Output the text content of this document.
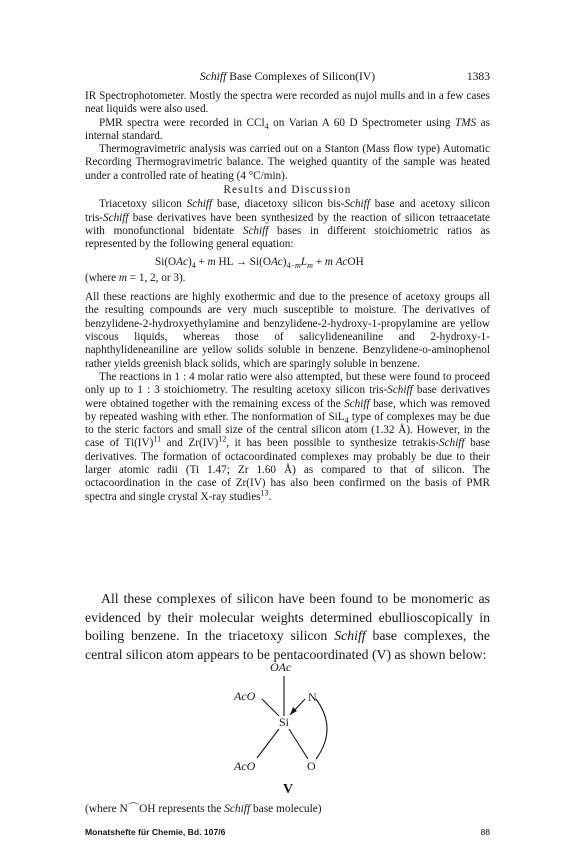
Schiff Base Complexes of Silicon(IV)	1383

IR Spectrophotometer. Mostly the spectra were recorded as nujol mulls and in a few cases neat liquids were also used.

PMR spectra were recorded in CCl$_4$ on Varian A 60 D Spectrometer using TMS as internal standard.

Thermogravimetric analysis was carried out on a Stanton (Mass flow type) Automatic Recording Thermogravimetric balance. The weighed quantity of the sample was heated under a controlled rate of heating (4 °C/min).

Results and Discussion

Triacetoxy silicon Schiff base, diacetoxy silicon bis-Schiff base and acetoxy silicon tris-Schiff base derivatives have been synthesized by the reaction of silicon tetraacetate with monofunctional bidentate Schiff bases in different stoichiometric ratios as represented by the following general equation:

$Si(OAc)_4 + m$ HL → $Si(OAc)_{4-m}L_m + m$ AcOH
(where m = 1, 2, or 3).

All these reactions are highly exothermic and due to the presence of acetoxy groups all the resulting compounds are very much susceptible to moisture. The derivatives of benzylidene-2-hydroxyethylamine and benzylidene-2-hydroxy-1-propylamine are yellow viscous liquids, whereas those of salicylideneaniline and 2-hydroxy-1-naphthylideneaniline are yellow solids soluble in benzene. Benzylidene-o-aminophenol rather yields greenish black solids, which are sparingly soluble in benzene.

The reactions in 1 : 4 molar ratio were also attempted, but these were found to proceed only up to 1 : 3 stoichiometry. The resulting acetoxy silicon tris-Schiff base derivatives were obtained together with the remaining excess of the Schiff base, which was removed by repeated washing with ether. The nonformation of SiL$_4$ type of complexes may be due to the steric factors and small size of the central silicon atom (1.32 Å). However, in the case of Ti(IV)$^{11}$ and Zr(IV)$^{12}$, it has been possible to synthesize tetrakis-Schiff base derivatives. The formation of octacoordinated complexes may probably be due to their larger atomic radii (Ti 1.47; Zr 1.60 Å) as compared to that of silicon. The octacoordination in the case of Zr(IV) has also been confirmed on the basis of PMR spectra and single crystal X-ray studies$^{13}$.

All these complexes of silicon have been found to be monomeric as evidenced by their molecular weights determined ebullioscopically in boiling benzene. In the triacetoxy silicon Schiff base complexes, the central silicon atom appears to be pentacoordinated (V) as shown below:

OAc
AcO	N
Si
AcO	O
V
(where N⌒OH represents the Schiff base molecule)
Monatshefte für Chemie, Bd. 107/6	88
